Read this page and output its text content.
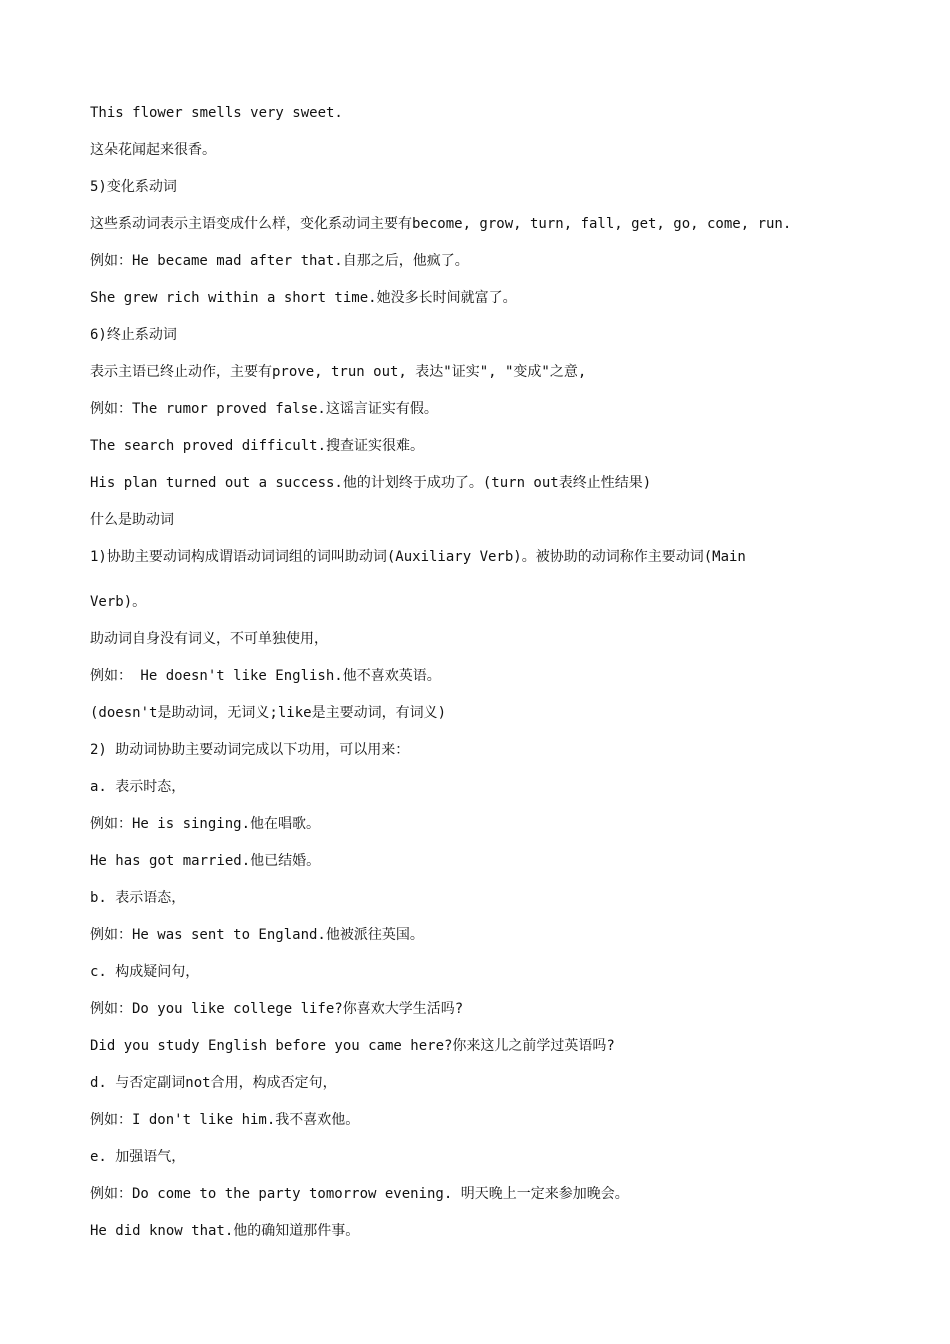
This flower smells very sweet.
这朵花闻起来很香。
5)变化系动词
这些系动词表示主语变成什么样，变化系动词主要有become, grow, turn, fall, get, go, come, run.
例如：He became mad after that.自那之后，他疯了。
She grew rich within a short time.她没多长时间就富了。
6)终止系动词
表示主语已终止动作，主要有prove, trun out, 表达"证实", "变成"之意,
例如：The rumor proved false.这谣言证实有假。
The search proved difficult.搜查证实很难。
His plan turned out a success.他的计划终于成功了。(turn out表终止性结果)
什么是助动词
1)协助主要动词构成谓语动词词组的词叫助动词(Auxiliary Verb)。被协助的动词称作主要动词(Main
Verb)。
助动词自身没有词义，不可单独使用，
例如： He doesn't like English.他不喜欢英语。
(doesn't是助动词，无词义;like是主要动词，有词义)
2) 助动词协助主要动词完成以下功用，可以用来：
a. 表示时态，
例如：He is singing.他在唱歌。
He has got married.他已结婚。
b. 表示语态，
例如：He was sent to England.他被派往英国。
c. 构成疑问句，
例如：Do you like college life?你喜欢大学生活吗?
Did you study English before you came here?你来这儿之前学过英语吗?
d. 与否定副词not合用，构成否定句，
例如：I don't like him.我不喜欢他。
e. 加强语气，
例如：Do come to the party tomorrow evening. 明天晚上一定来参加晚会。
He did know that.他的确知道那件事。
